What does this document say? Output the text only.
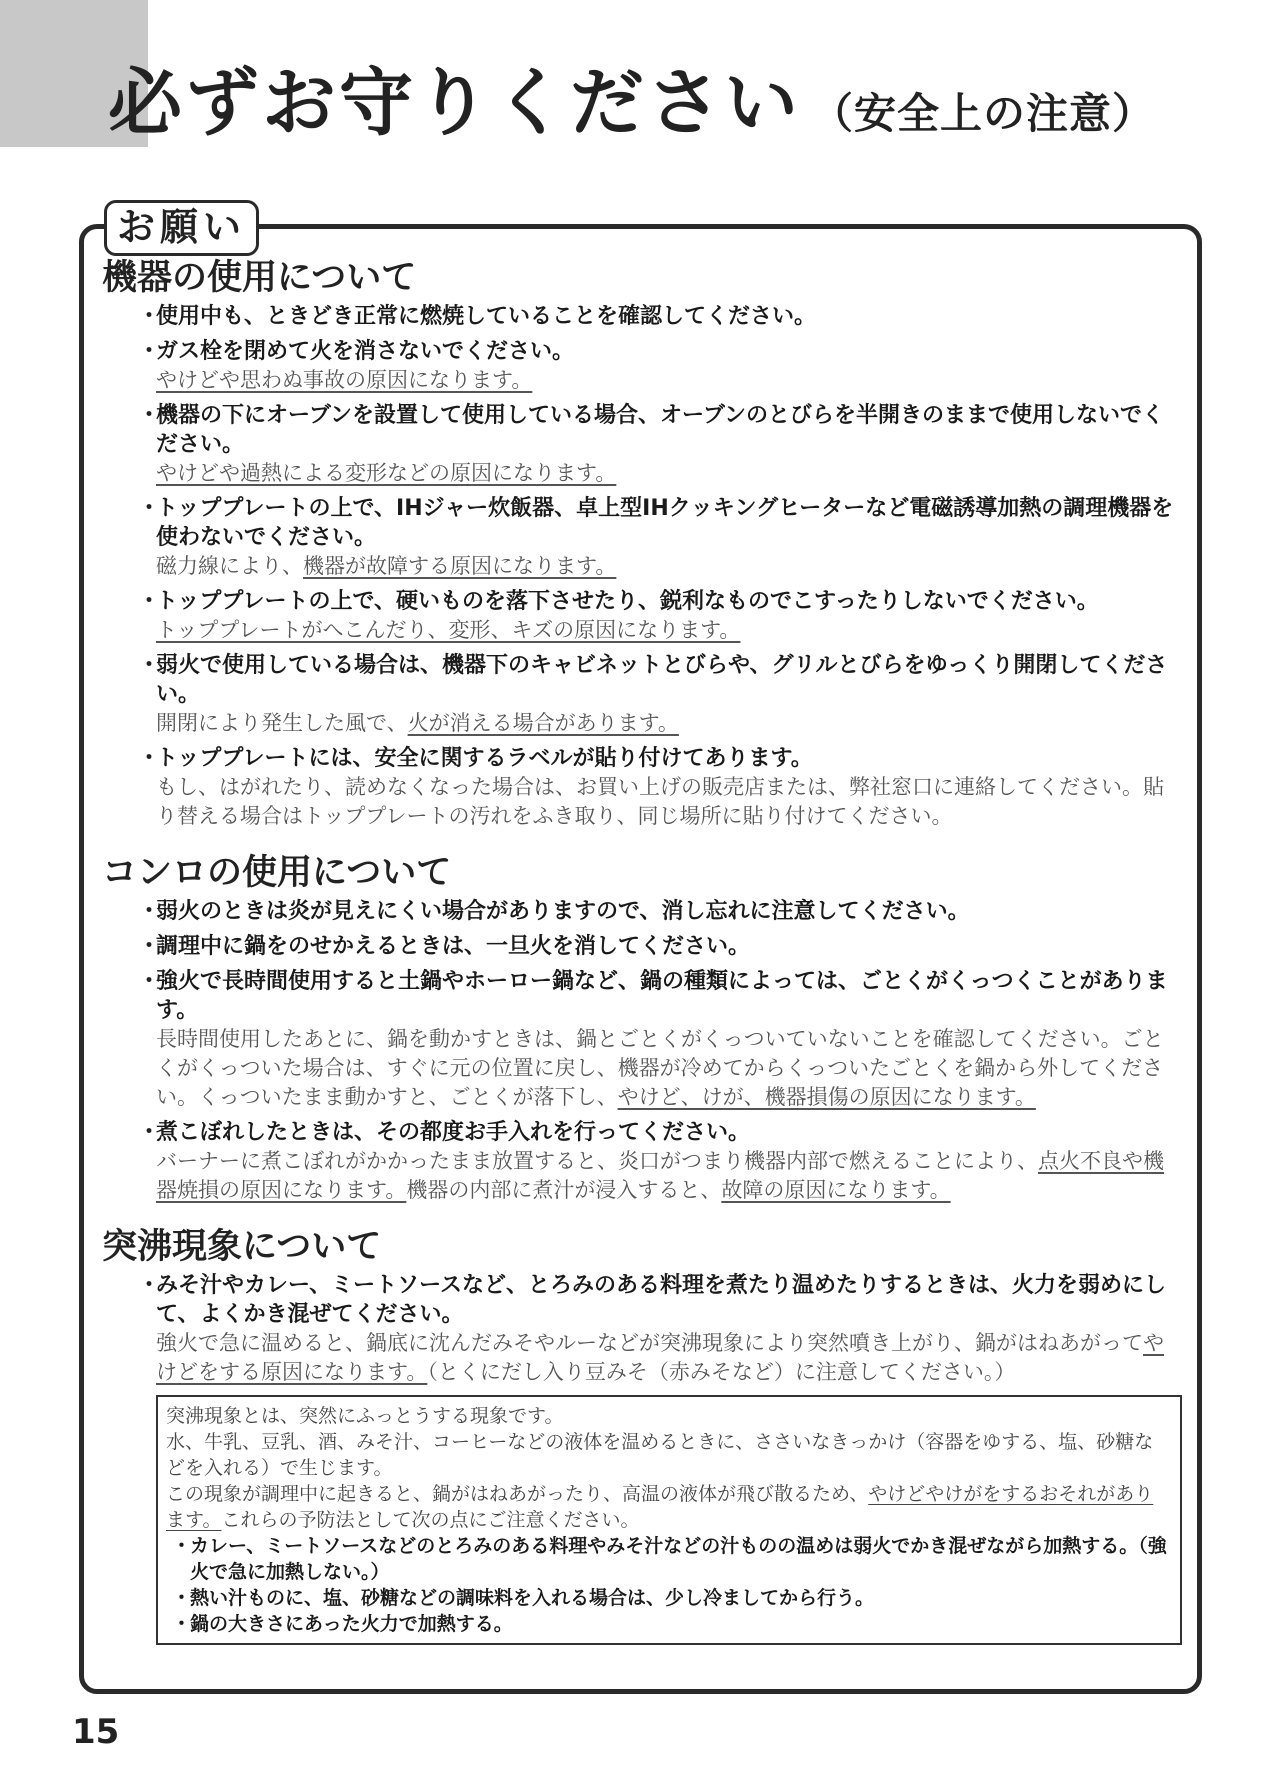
必ずお守りください （安全上の注意）
お願い
機器の使用について
・
使用中も、ときどき正常に燃焼していることを確認してください。
・
ガス栓を閉めて火を消さないでください。
やけどや思わぬ事故の原因になります。
・
機器の下にオーブンを設置して使用している場合、オーブンのとびらを半開きのままで使用しないでください。
やけどや過熱による変形などの原因になります。
・
トッププレートの上で、IHジャー炊飯器、卓上型IHクッキングヒーターなど電磁誘導加熱の調理機器を使わないでください。
磁力線により、機器が故障する原因になります。
・
トッププレートの上で、硬いものを落下させたり、鋭利なものでこすったりしないでください。
トッププレートがへこんだり、変形、キズの原因になります。
・
弱火で使用している場合は、機器下のキャビネットとびらや、グリルとびらをゆっくり開閉してください。
開閉により発生した風で、火が消える場合があります。
・
トッププレートには、安全に関するラベルが貼り付けてあります。
もし、はがれたり、読めなくなった場合は、お買い上げの販売店または、弊社窓口に連絡してください。貼り替える場合はトッププレートの汚れをふき取り、同じ場所に貼り付けてください。
コンロの使用について
・
弱火のときは炎が見えにくい場合がありますので、消し忘れに注意してください。
・
調理中に鍋をのせかえるときは、一旦火を消してください。
・
強火で長時間使用すると土鍋やホーロー鍋など、鍋の種類によっては、ごとくがくっつくことがあります。
長時間使用したあとに、鍋を動かすときは、鍋とごとくがくっついていないことを確認してください。ごとくがくっついた場合は、すぐに元の位置に戻し、機器が冷めてからくっついたごとくを鍋から外してください。くっついたまま動かすと、ごとくが落下し、やけど、けが、機器損傷の原因になります。
・
煮こぼれしたときは、その都度お手入れを行ってください。
バーナーに煮こぼれがかかったまま放置すると、炎口がつまり機器内部で燃えることにより、点火不良や機器焼損の原因になります。機器の内部に煮汁が浸入すると、故障の原因になります。
突沸現象について
・
みそ汁やカレー、ミートソースなど、とろみのある料理を煮たり温めたりするときは、火力を弱めにして、よくかき混ぜてください。
強火で急に温めると、鍋底に沈んだみそやルーなどが突沸現象により突然噴き上がり、鍋がはねあがってやけどをする原因になります。（とくにだし入り豆みそ（赤みそなど）に注意してください。）
突沸現象とは、突然にふっとうする現象です。
水、牛乳、豆乳、酒、みそ汁、コーヒーなどの液体を温めるときに、ささいなきっかけ（容器をゆする、塩、砂糖などを入れる）で生じます。
この現象が調理中に起きると、鍋がはねあがったり、高温の液体が飛び散るため、やけどやけがをするおそれがあります。これらの予防法として次の点にご注意ください。
・
カレー、ミートソースなどのとろみのある料理やみそ汁などの汁ものの温めは弱火でかき混ぜながら加熱する。（強火で急に加熱しない。）
・
熱い汁ものに、塩、砂糖などの調味料を入れる場合は、少し冷ましてから行う。
・
鍋の大きさにあった火力で加熱する。
15
